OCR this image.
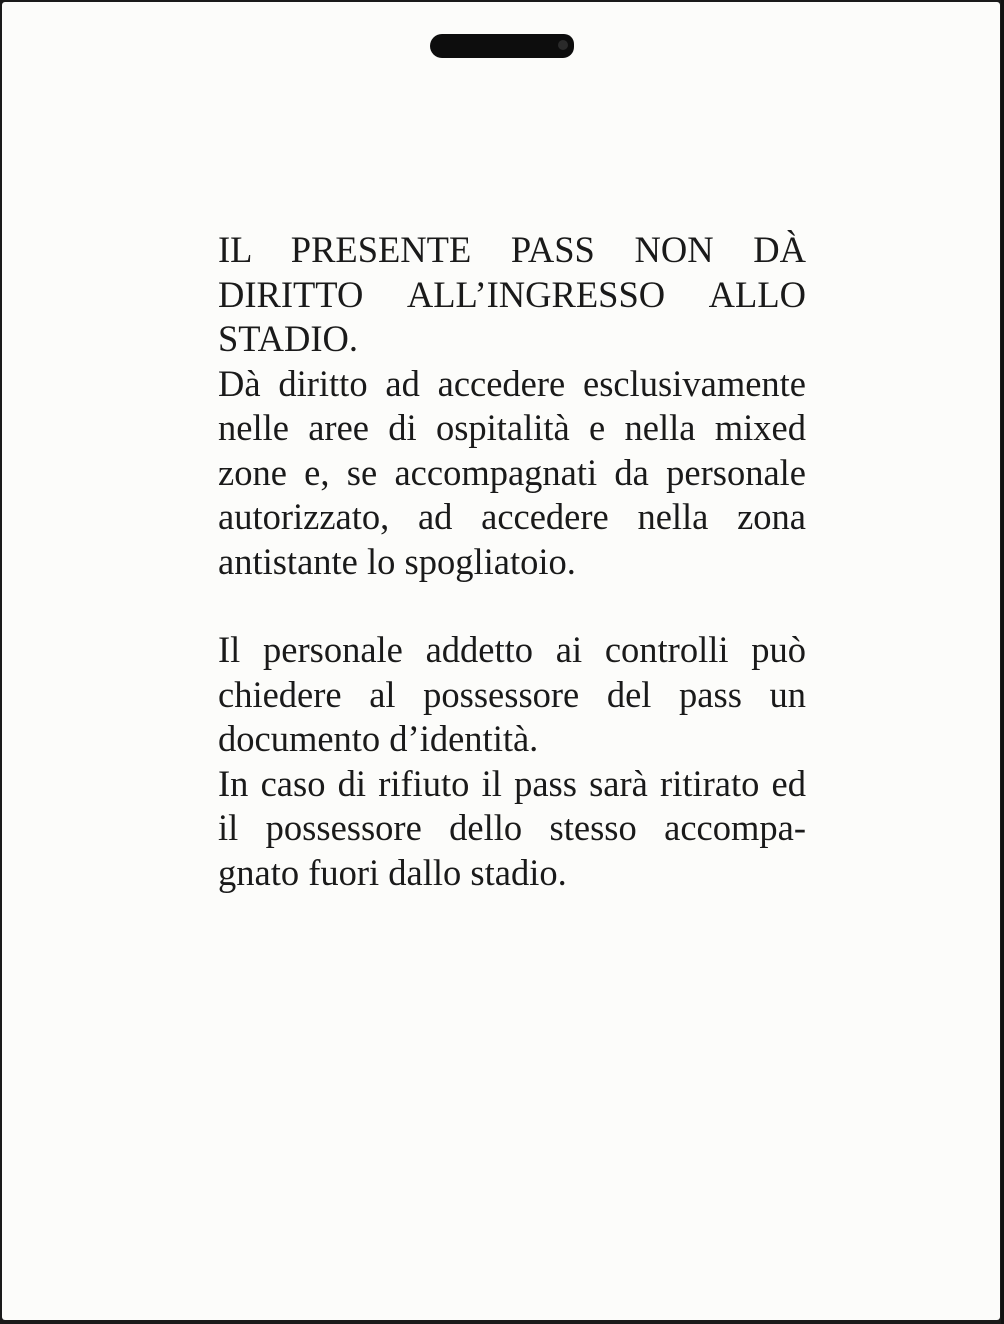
IL PRESENTE PASS NON DÀ
DIRITTO ALL’INGRESSO ALLO
STADIO.
Dà diritto ad accedere esclusivamente
nelle aree di ospitalità e nella mixed
zone e, se accompagnati da personale
autorizzato, ad accedere nella zona
antistante lo spogliatoio.
Il personale addetto ai controlli può
chiedere al possessore del pass un
documento d’identità.
In caso di rifiuto il pass sarà ritirato ed
il possessore dello stesso accompa-
gnato fuori dallo stadio.
